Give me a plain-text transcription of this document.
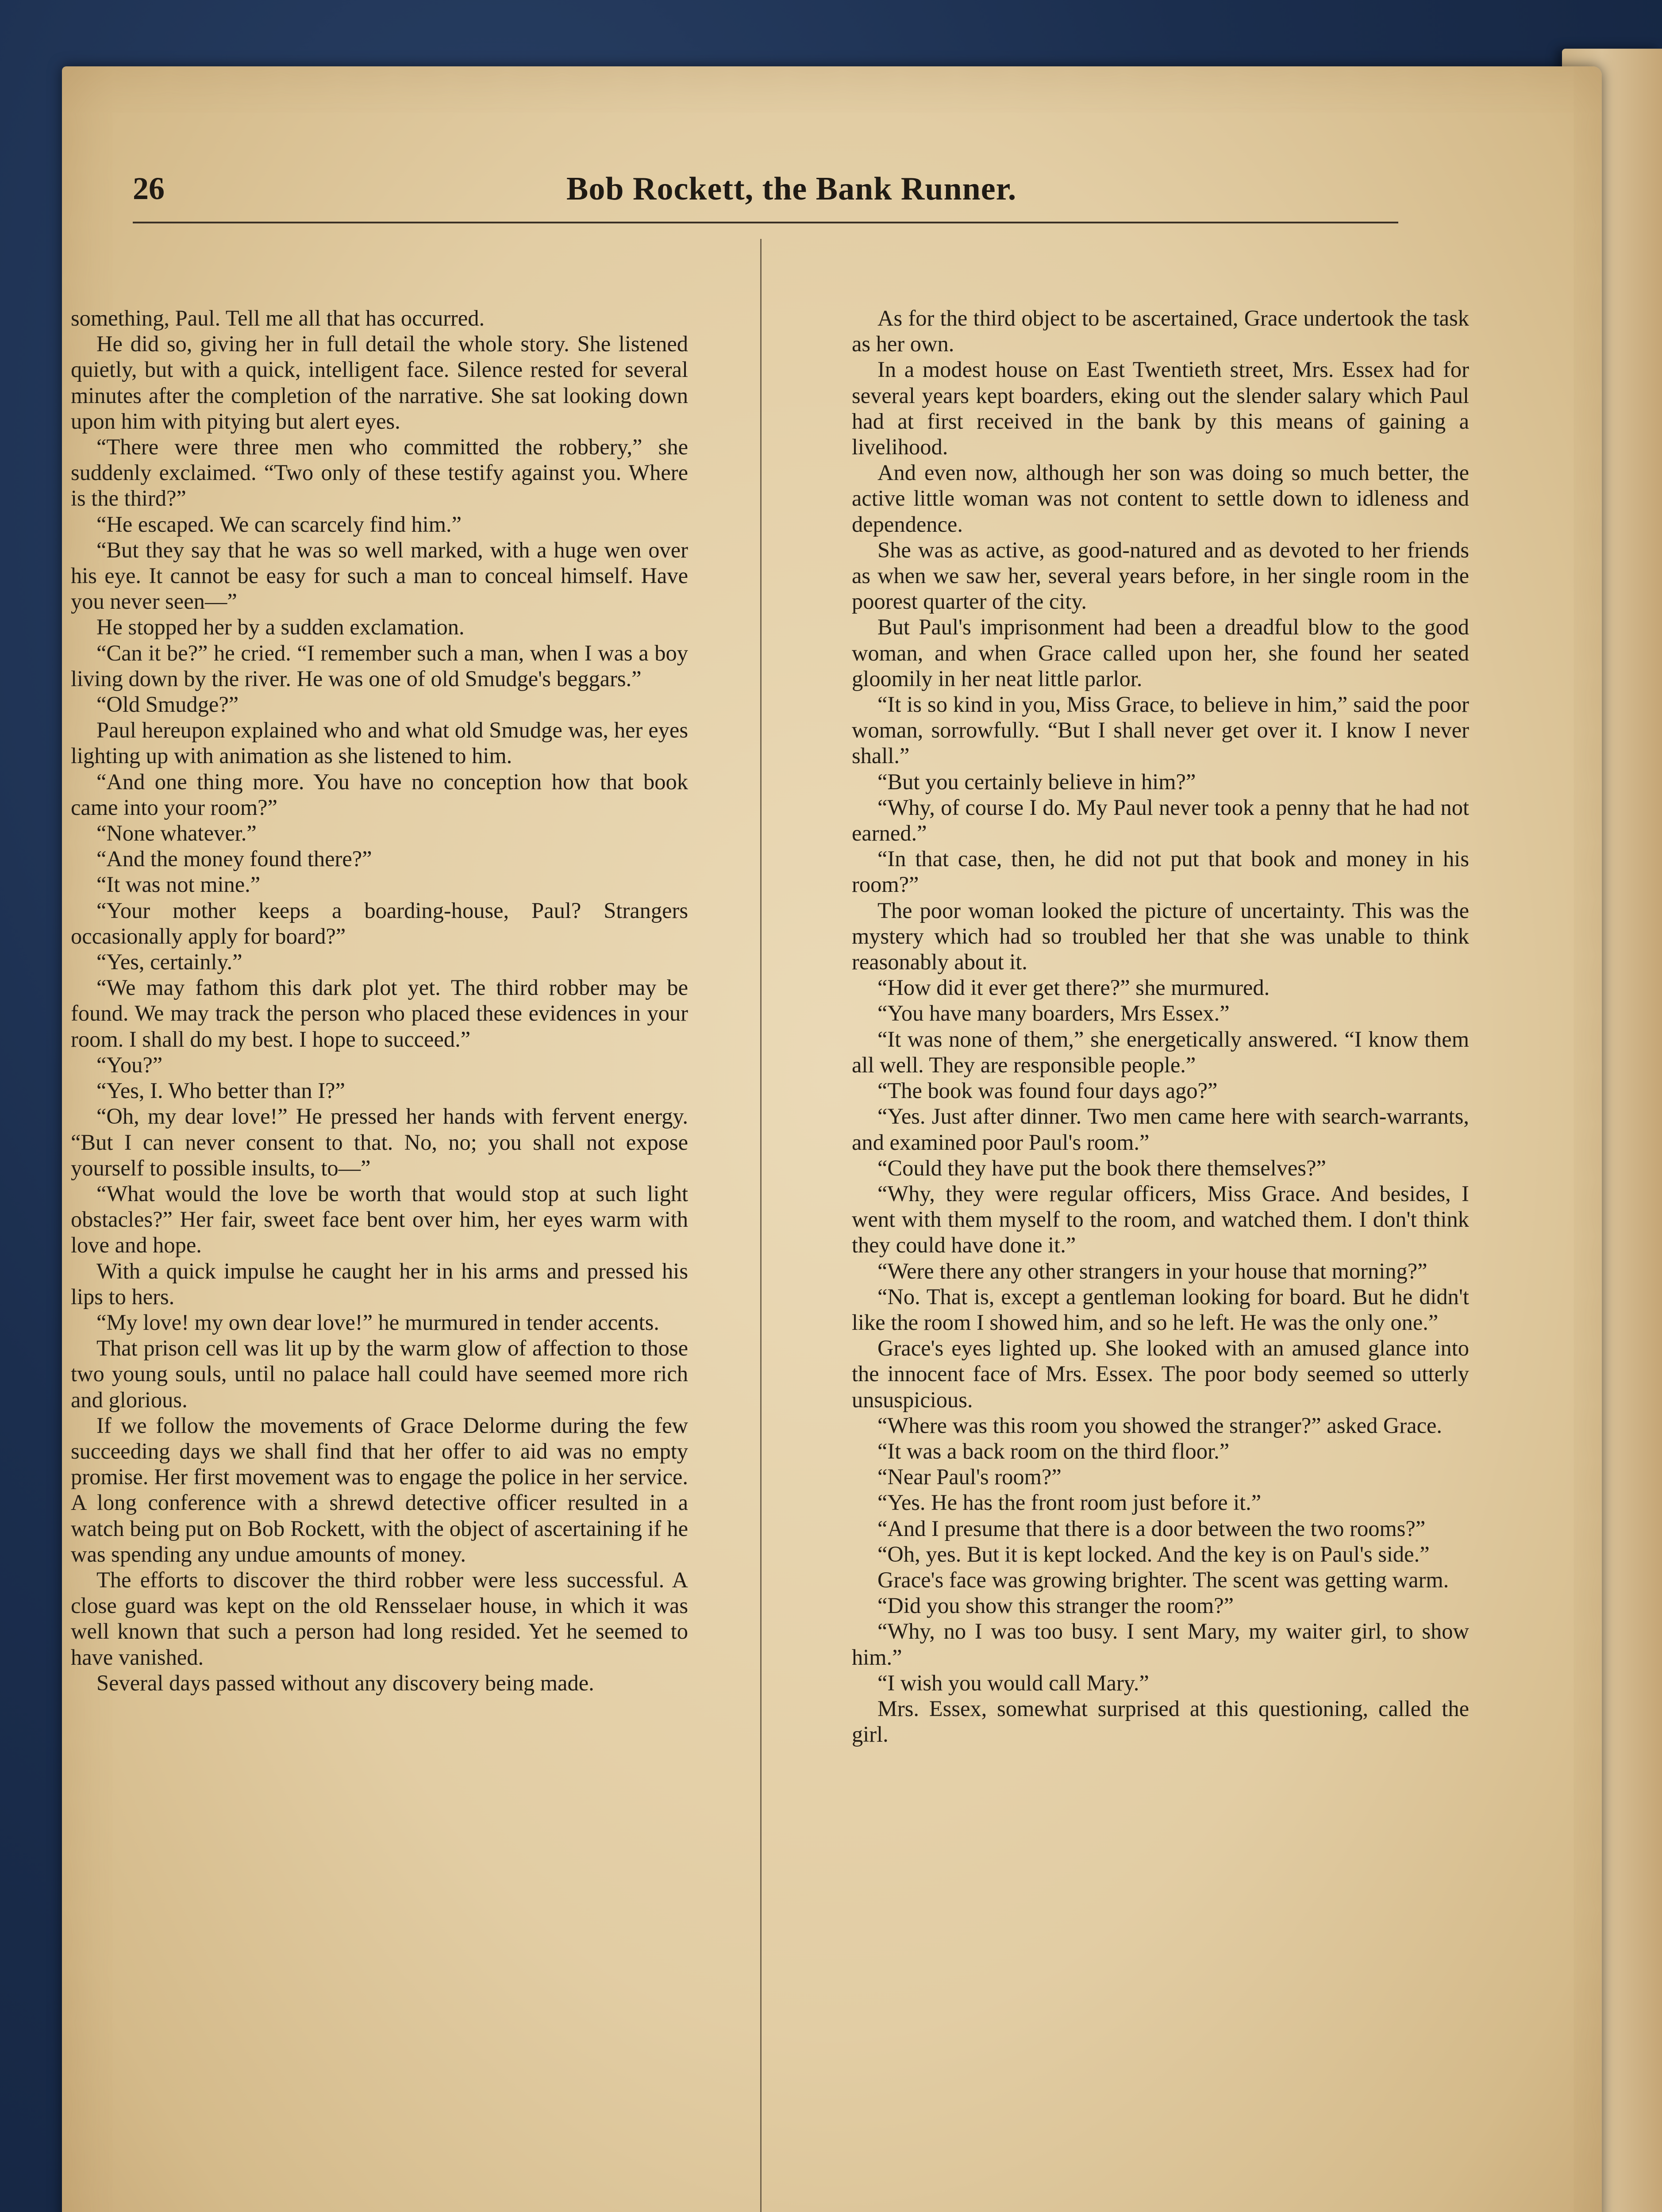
26	Bob Rockett, the Bank Runner.

something, Paul. Tell me all that has occurred.

He did so, giving her in full detail the whole story. She listened quietly, but with a quick, intelligent face. Silence rested for several minutes after the completion of the narrative. She sat looking down upon him with pitying but alert eyes.

“There were three men who committed the robbery,” she suddenly exclaimed. “Two only of these testify against you. Where is the third?”

“He escaped. We can scarcely find him.”

“But they say that he was so well marked, with a huge wen over his eye. It cannot be easy for such a man to conceal himself. Have you never seen—”

He stopped her by a sudden exclamation.

“Can it be?” he cried. “I remember such a man, when I was a boy living down by the river. He was one of old Smudge's beggars.”

“Old Smudge?”

Paul hereupon explained who and what old Smudge was, her eyes lighting up with animation as she listened to him.

“And one thing more. You have no conception how that book came into your room?”

“None whatever.”

“And the money found there?”

“It was not mine.”

“Your mother keeps a boarding-house, Paul? Strangers occasionally apply for board?”

“Yes, certainly.”

“We may fathom this dark plot yet. The third robber may be found. We may track the person who placed these evidences in your room. I shall do my best. I hope to succeed.”

“You?”

“Yes, I. Who better than I?”

“Oh, my dear love!” He pressed her hands with fervent energy. “But I can never consent to that. No, no; you shall not expose yourself to possible insults, to—”

“What would the love be worth that would stop at such light obstacles?” Her fair, sweet face bent over him, her eyes warm with love and hope.

With a quick impulse he caught her in his arms and pressed his lips to hers.

“My love! my own dear love!” he murmured in tender accents.

That prison cell was lit up by the warm glow of affection to those two young souls, until no palace hall could have seemed more rich and glorious.

If we follow the movements of Grace Delorme during the few succeeding days we shall find that her offer to aid was no empty promise. Her first movement was to engage the police in her service. A long conference with a shrewd detective officer resulted in a watch being put on Bob Rockett, with the object of ascertaining if he was spending any undue amounts of money.

The efforts to discover the third robber were less successful. A close guard was kept on the old Rensselaer house, in which it was well known that such a person had long resided. Yet he seemed to have vanished.

Several days passed without any discovery being made.

As for the third object to be ascertained, Grace undertook the task as her own.

In a modest house on East Twentieth street, Mrs. Essex had for several years kept boarders, eking out the slender salary which Paul had at first received in the bank by this means of gaining a livelihood.

And even now, although her son was doing so much better, the active little woman was not content to settle down to idleness and dependence.

She was as active, as good-natured and as devoted to her friends as when we saw her, several years before, in her single room in the poorest quarter of the city.

But Paul's imprisonment had been a dreadful blow to the good woman, and when Grace called upon her, she found her seated gloomily in her neat little parlor.

“It is so kind in you, Miss Grace, to believe in him,” said the poor woman, sorrowfully. “But I shall never get over it. I know I never shall.”

“But you certainly believe in him?”

“Why, of course I do. My Paul never took a penny that he had not earned.”

“In that case, then, he did not put that book and money in his room?”

The poor woman looked the picture of uncertainty. This was the mystery which had so troubled her that she was unable to think reasonably about it.

“How did it ever get there?” she murmured.

“You have many boarders, Mrs Essex.”

“It was none of them,” she energetically answered. “I know them all well. They are responsible people.”

“The book was found four days ago?”

“Yes. Just after dinner. Two men came here with search-warrants, and examined poor Paul's room.”

“Could they have put the book there themselves?”

“Why, they were regular officers, Miss Grace. And besides, I went with them myself to the room, and watched them. I don't think they could have done it.”

“Were there any other strangers in your house that morning?”

“No. That is, except a gentleman looking for board. But he didn't like the room I showed him, and so he left. He was the only one.”

Grace's eyes lighted up. She looked with an amused glance into the innocent face of Mrs. Essex. The poor body seemed so utterly unsuspicious.

“Where was this room you showed the stranger?” asked Grace.

“It was a back room on the third floor.”

“Near Paul's room?”

“Yes. He has the front room just before it.”

“And I presume that there is a door between the two rooms?”

“Oh, yes. But it is kept locked. And the key is on Paul's side.”

Grace's face was growing brighter. The scent was getting warm.

“Did you show this stranger the room?”

“Why, no I was too busy. I sent Mary, my waiter girl, to show him.”

“I wish you would call Mary.”

Mrs. Essex, somewhat surprised at this questioning, called the girl.
